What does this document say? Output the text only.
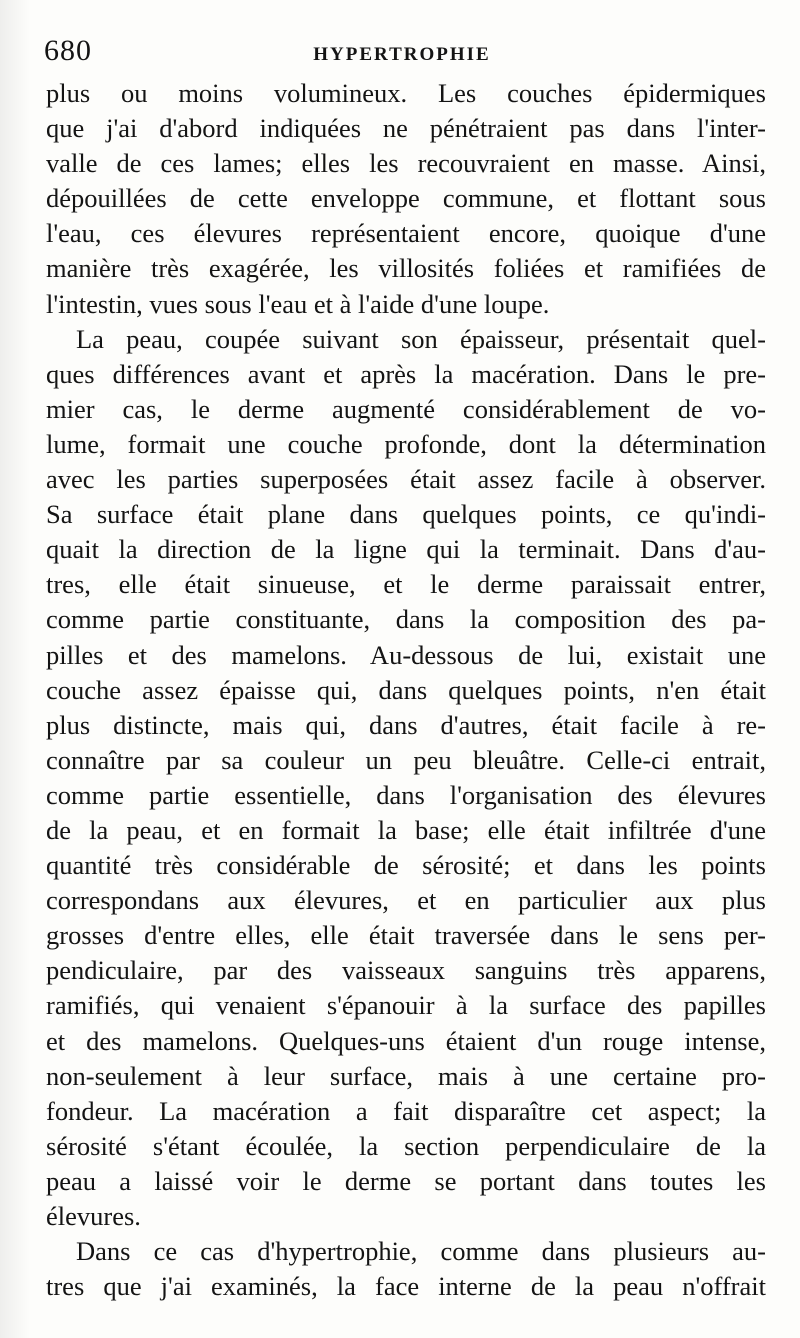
680	HYPERTROPHIE
plus ou moins volumineux. Les couches épidermiques
que j'ai d'abord indiquées ne pénétraient pas dans l'inter-
valle de ces lames; elles les recouvraient en masse. Ainsi,
dépouillées de cette enveloppe commune, et flottant sous
l'eau, ces élevures représentaient encore, quoique d'une
manière très exagérée, les villosités foliées et ramifiées de
l'intestin, vues sous l'eau et à l'aide d'une loupe.
La peau, coupée suivant son épaisseur, présentait quel-
ques différences avant et après la macération. Dans le pre-
mier cas, le derme augmenté considérablement de vo-
lume, formait une couche profonde, dont la détermination
avec les parties superposées était assez facile à observer.
Sa surface était plane dans quelques points, ce qu'indi-
quait la direction de la ligne qui la terminait. Dans d'au-
tres, elle était sinueuse, et le derme paraissait entrer,
comme partie constituante, dans la composition des pa-
pilles et des mamelons. Au-dessous de lui, existait une
couche assez épaisse qui, dans quelques points, n'en était
plus distincte, mais qui, dans d'autres, était facile à re-
connaître par sa couleur un peu bleuâtre. Celle-ci entrait,
comme partie essentielle, dans l'organisation des élevures
de la peau, et en formait la base; elle était infiltrée d'une
quantité très considérable de sérosité; et dans les points
correspondans aux élevures, et en particulier aux plus
grosses d'entre elles, elle était traversée dans le sens per-
pendiculaire, par des vaisseaux sanguins très apparens,
ramifiés, qui venaient s'épanouir à la surface des papilles
et des mamelons. Quelques-uns étaient d'un rouge intense,
non-seulement à leur surface, mais à une certaine pro-
fondeur. La macération a fait disparaître cet aspect; la
sérosité s'étant écoulée, la section perpendiculaire de la
peau a laissé voir le derme se portant dans toutes les
élevures.
Dans ce cas d'hypertrophie, comme dans plusieurs au-
tres que j'ai examinés, la face interne de la peau n'offrait
